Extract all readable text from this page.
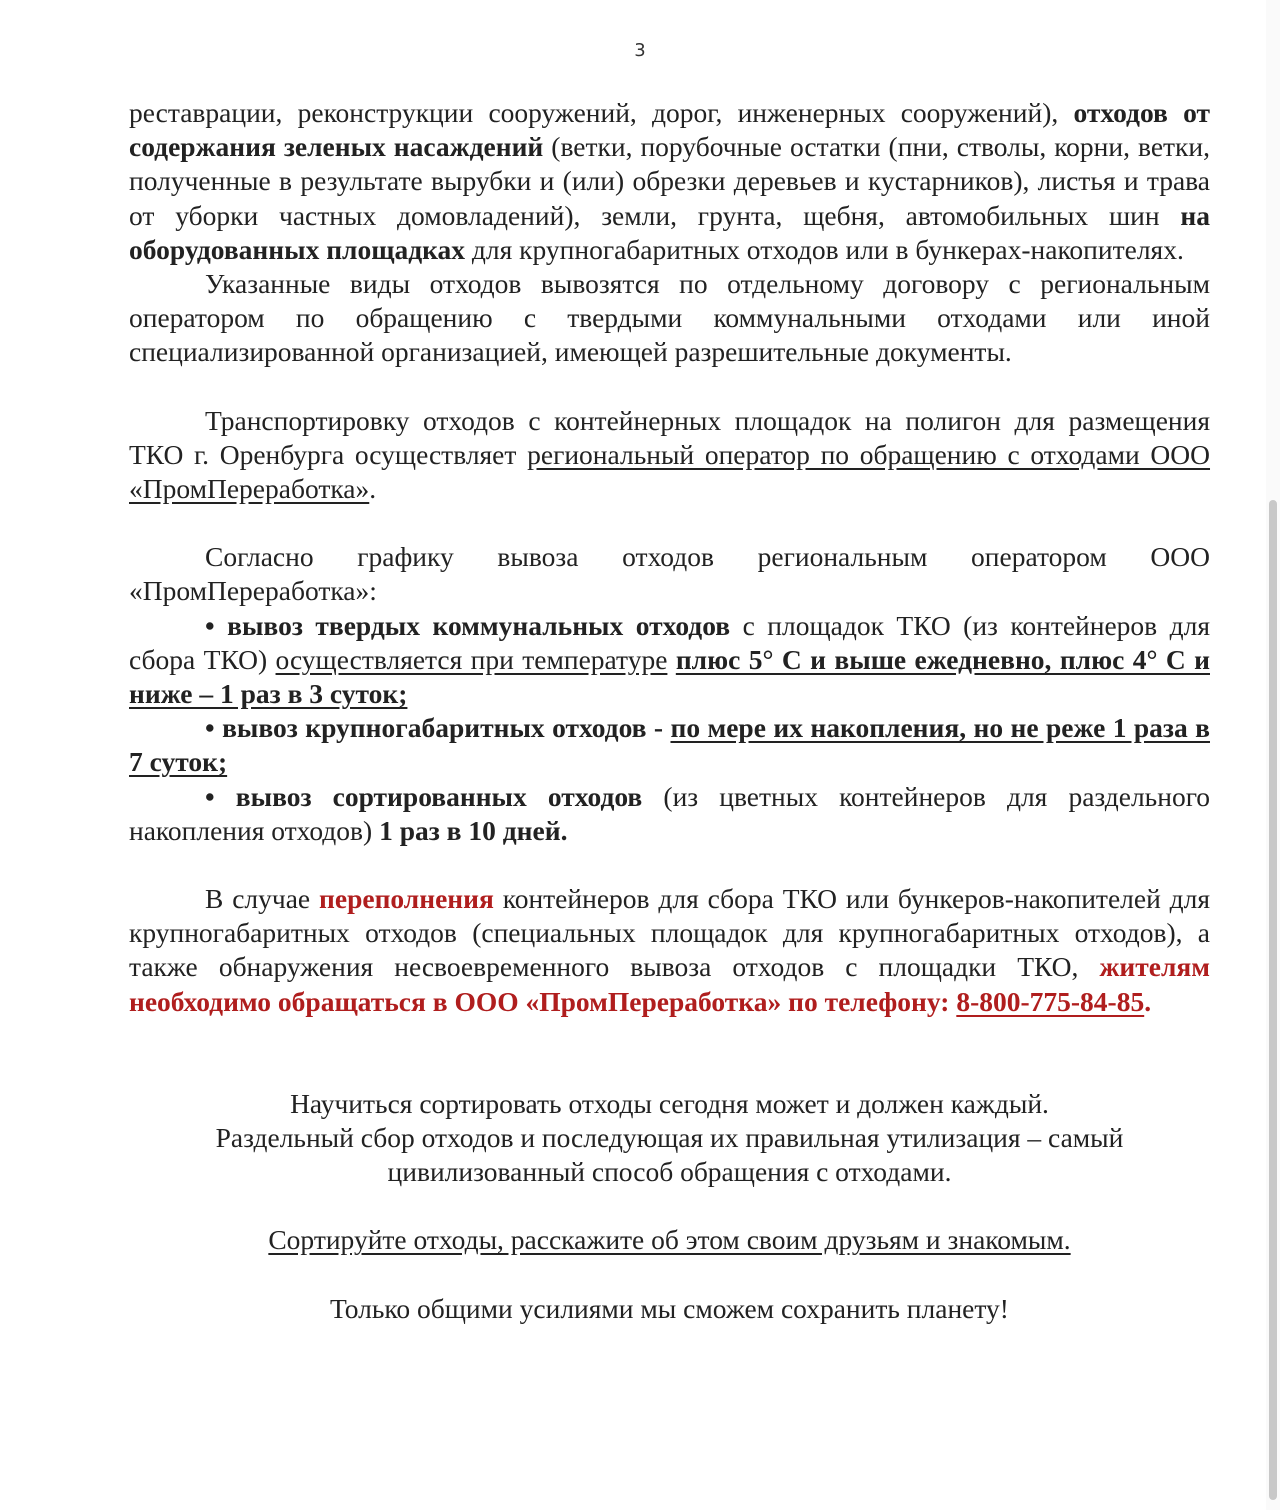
3

реставрации, реконструкции сооружений, дорог, инженерных сооружений), отходов от содержания зеленых насаждений (ветки, порубочные остатки (пни, стволы, корни, ветки, полученные в результате вырубки и (или) обрезки деревьев и кустарников), листья и трава от уборки частных домовладений), земли, грунта, щебня, автомобильных шин на оборудованных площадках для крупногабаритных отходов или в бункерах-накопителях.

Указанные виды отходов вывозятся по отдельному договору с региональным оператором по обращению с твердыми коммунальными отходами или иной специализированной организацией, имеющей разрешительные документы.

Транспортировку отходов с контейнерных площадок на полигон для размещения ТКО г. Оренбурга осуществляет региональный оператор по обращению с отходами ООО «ПромПереработка».

Согласно графику вывоза отходов региональным оператором ООО

«ПромПереработка»:

• вывоз твердых коммунальных отходов с площадок ТКО (из контейнеров для сбора ТКО) осуществляется при температуре плюс 5° С и выше ежедневно, плюс 4° С и ниже – 1 раз в 3 суток;

• вывоз крупногабаритных отходов - по мере их накопления, но не реже 1 раза в 7 суток;

• вывоз сортированных отходов (из цветных контейнеров для раздельного накопления отходов) 1 раз в 10 дней.

В случае переполнения контейнеров для сбора ТКО или бункеров-накопителей для крупногабаритных отходов (специальных площадок для крупногабаритных отходов), а также обнаружения несвоевременного вывоза отходов с площадки ТКО, жителям необходимо обращаться в ООО «ПромПереработка» по телефону: 8-800-775-84-85.

Научиться сортировать отходы сегодня может и должен каждый.

Раздельный сбор отходов и последующая их правильная утилизация – самый

цивилизованный способ обращения с отходами.

Сортируйте отходы, расскажите об этом своим друзьям и знакомым.

Только общими усилиями мы сможем сохранить планету!
